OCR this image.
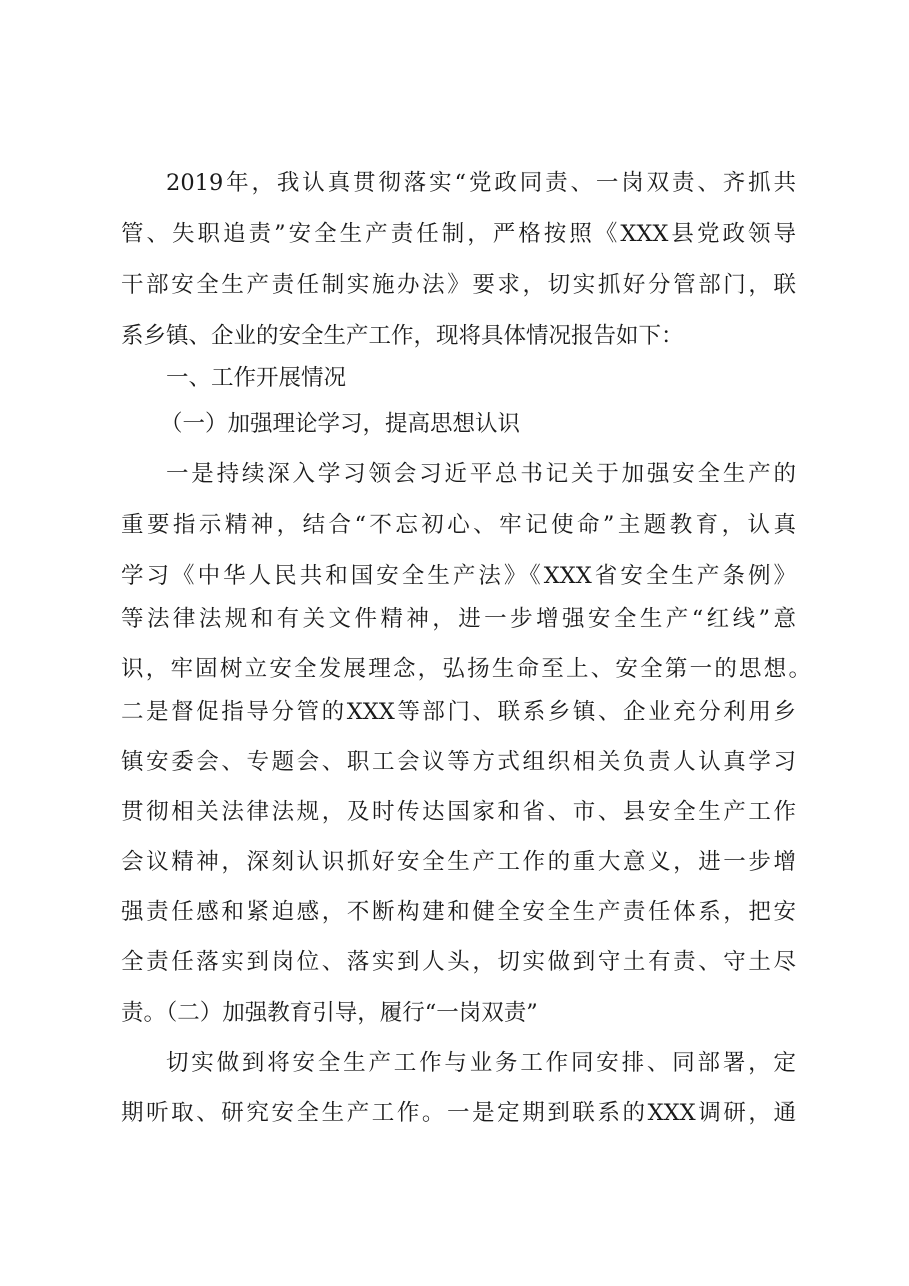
2019年，我认真贯彻落实“党政同责、一岗双责、齐抓共
管、失职追责”安全生产责任制，严格按照《XXX县党政领导
干部安全生产责任制实施办法》要求，切实抓好分管部门，联
系乡镇、企业的安全生产工作，现将具体情况报告如下：
一、工作开展情况
（一）加强理论学习，提高思想认识
一是持续深入学习领会习近平总书记关于加强安全生产的
重要指示精神，结合“不忘初心、牢记使命”主题教育，认真
学习《中华人民共和国安全生产法》《XXX省安全生产条例》
等法律法规和有关文件精神，进一步增强安全生产“红线”意
识，牢固树立安全发展理念，弘扬生命至上、安全第一的思想。
二是督促指导分管的XXX等部门、联系乡镇、企业充分利用乡
镇安委会、专题会、职工会议等方式组织相关负责人认真学习
贯彻相关法律法规，及时传达国家和省、市、县安全生产工作
会议精神，深刻认识抓好安全生产工作的重大意义，进一步增
强责任感和紧迫感，不断构建和健全安全生产责任体系，把安
全责任落实到岗位、落实到人头，切实做到守土有责、守土尽
责。（二）加强教育引导，履行“一岗双责”
切实做到将安全生产工作与业务工作同安排、同部署，定
期听取、研究安全生产工作。一是定期到联系的XXX调研，通
